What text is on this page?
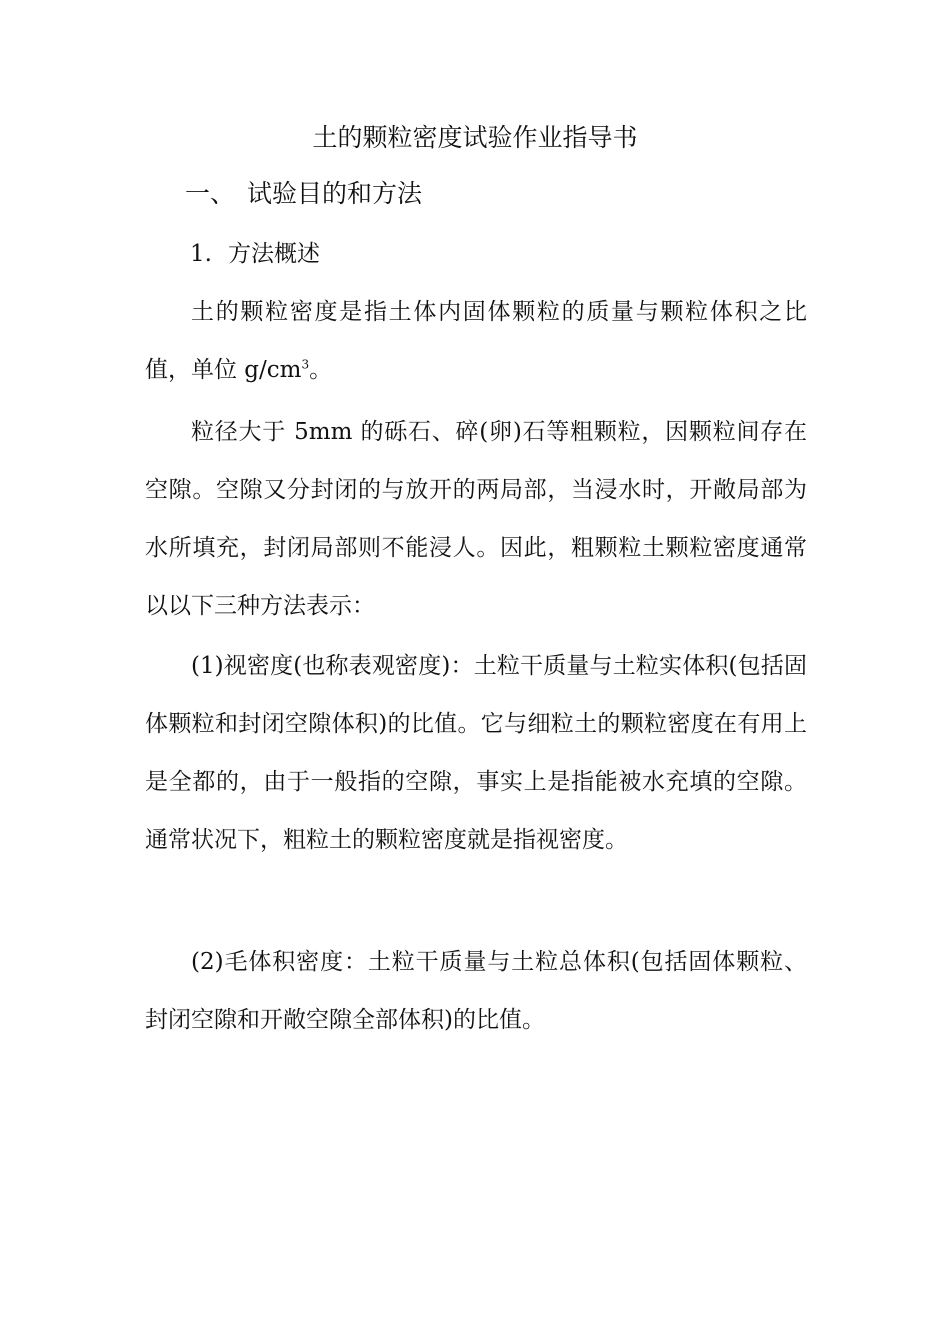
土的颗粒密度试验作业指导书
一、 试验目的和方法
1. 方法概述

土的颗粒密度是指土体内固体颗粒的质量与颗粒体积之比值，单位 $g/cm^3$。

粒径大于 5mm 的砾石、碎(卵)石等粗颗粒，因颗粒间存在空隙。空隙又分封闭的与放开的两局部，当浸水时，开敞局部为水所填充，封闭局部则不能浸人。因此，粗颗粒土颗粒密度通常以以下三种方法表示：

(1)视密度(也称表观密度)：土粒干质量与土粒实体积(包括固体颗粒和封闭空隙体积)的比值。它与细粒土的颗粒密度在有用上是全都的，由于一般指的空隙，事实上是指能被水充填的空隙。通常状况下，粗粒土的颗粒密度就是指视密度。

(2)毛体积密度：土粒干质量与土粒总体积(包括固体颗粒、封闭空隙和开敞空隙全部体积)的比值。
